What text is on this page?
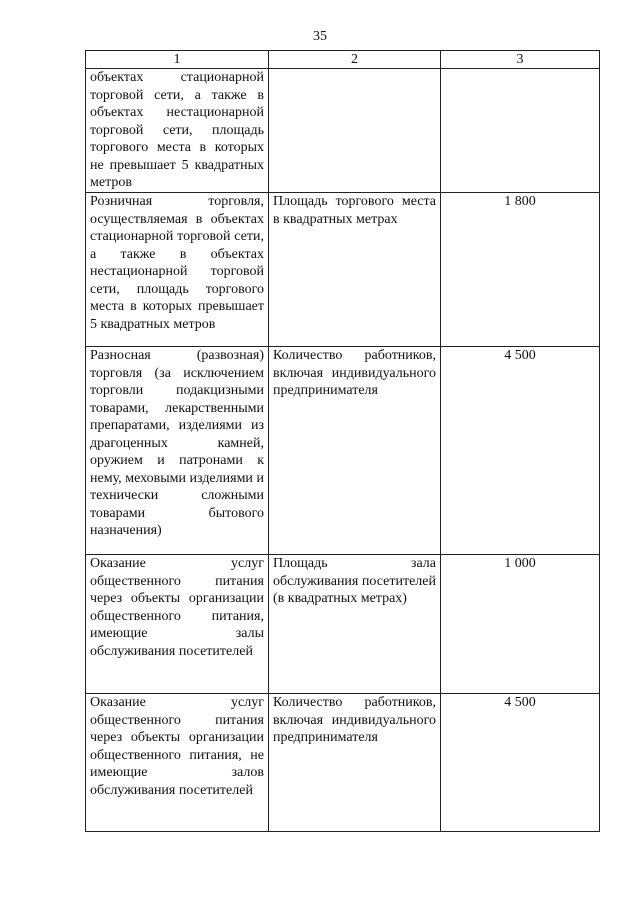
35
1	2	3
объектах стационарной торговой сети, а также в объектах нестационарной торговой сети, площадь торгового места в которых не превышает 5 квадратных метров		
Розничная торговля, осуществляемая в объектах стационарной торговой сети, а также в объектах нестационарной торговой сети, площадь торгового места в которых превышает 5 квадратных метров	Площадь торгового места в квадратных метрах	1 800
Разносная (развозная) торговля (за исключением торговли подакцизными товарами, лекарственными препаратами, изделиями из драгоценных камней, оружием и патронами к нему, меховыми изделиями и технически сложными товарами бытового назначения)	Количество работников, включая индивидуального предпринимателя	4 500
Оказание услуг общественного питания через объекты организации общественного питания, имеющие залы обслуживания посетителей	Площадь зала обслуживания посетителей (в квадратных метрах)	1 000
Оказание услуг общественного питания через объекты организации общественного питания, не имеющие залов обслуживания посетителей	Количество работников, включая индивидуального предпринимателя	4 500
